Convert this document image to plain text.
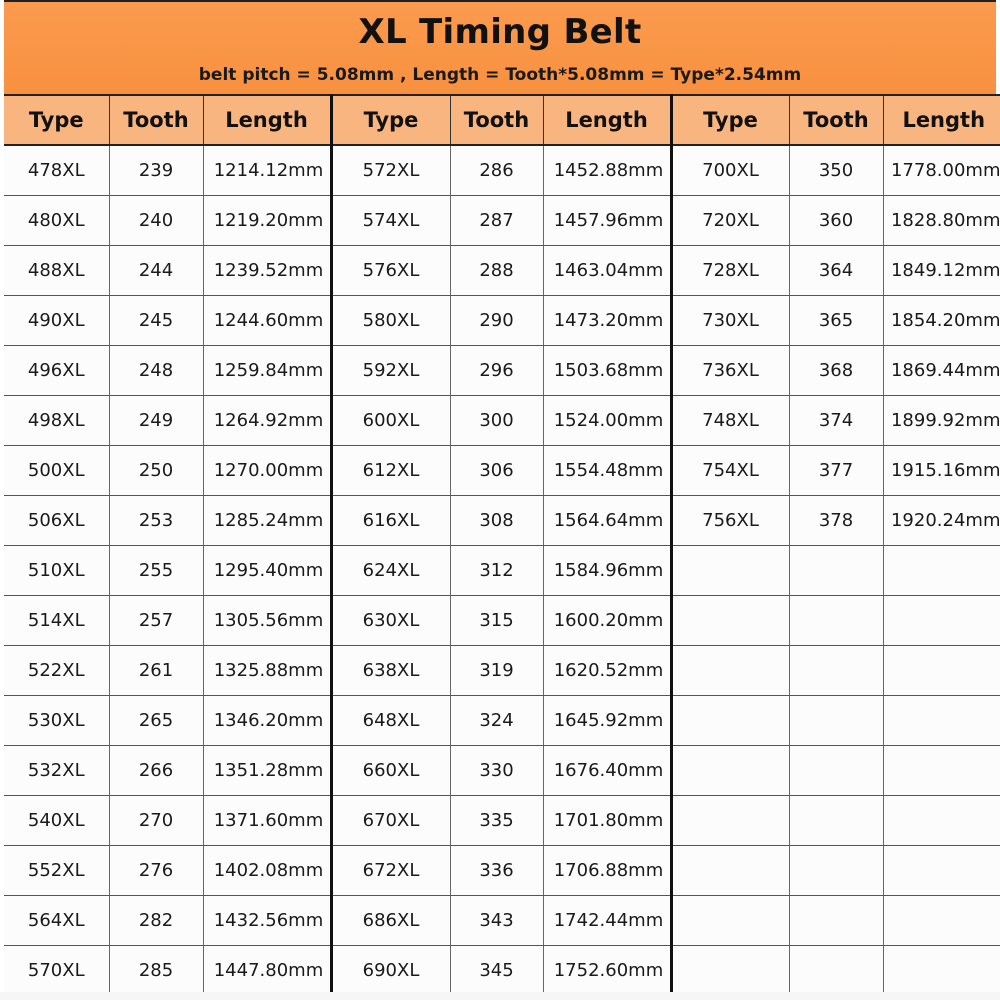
XL Timing Belt
belt pitch = 5.08mm , Length = Tooth*5.08mm = Type*2.54mm
Type	Tooth	Length	Type	Tooth	Length	Type	Tooth	Length
478XL	239	1214.12mm	572XL	286	1452.88mm	700XL	350	1778.00mm
480XL	240	1219.20mm	574XL	287	1457.96mm	720XL	360	1828.80mm
488XL	244	1239.52mm	576XL	288	1463.04mm	728XL	364	1849.12mm
490XL	245	1244.60mm	580XL	290	1473.20mm	730XL	365	1854.20mm
496XL	248	1259.84mm	592XL	296	1503.68mm	736XL	368	1869.44mm
498XL	249	1264.92mm	600XL	300	1524.00mm	748XL	374	1899.92mm
500XL	250	1270.00mm	612XL	306	1554.48mm	754XL	377	1915.16mm
506XL	253	1285.24mm	616XL	308	1564.64mm	756XL	378	1920.24mm
510XL	255	1295.40mm	624XL	312	1584.96mm			
514XL	257	1305.56mm	630XL	315	1600.20mm			
522XL	261	1325.88mm	638XL	319	1620.52mm			
530XL	265	1346.20mm	648XL	324	1645.92mm			
532XL	266	1351.28mm	660XL	330	1676.40mm			
540XL	270	1371.60mm	670XL	335	1701.80mm			
552XL	276	1402.08mm	672XL	336	1706.88mm			
564XL	282	1432.56mm	686XL	343	1742.44mm			
570XL	285	1447.80mm	690XL	345	1752.60mm			
